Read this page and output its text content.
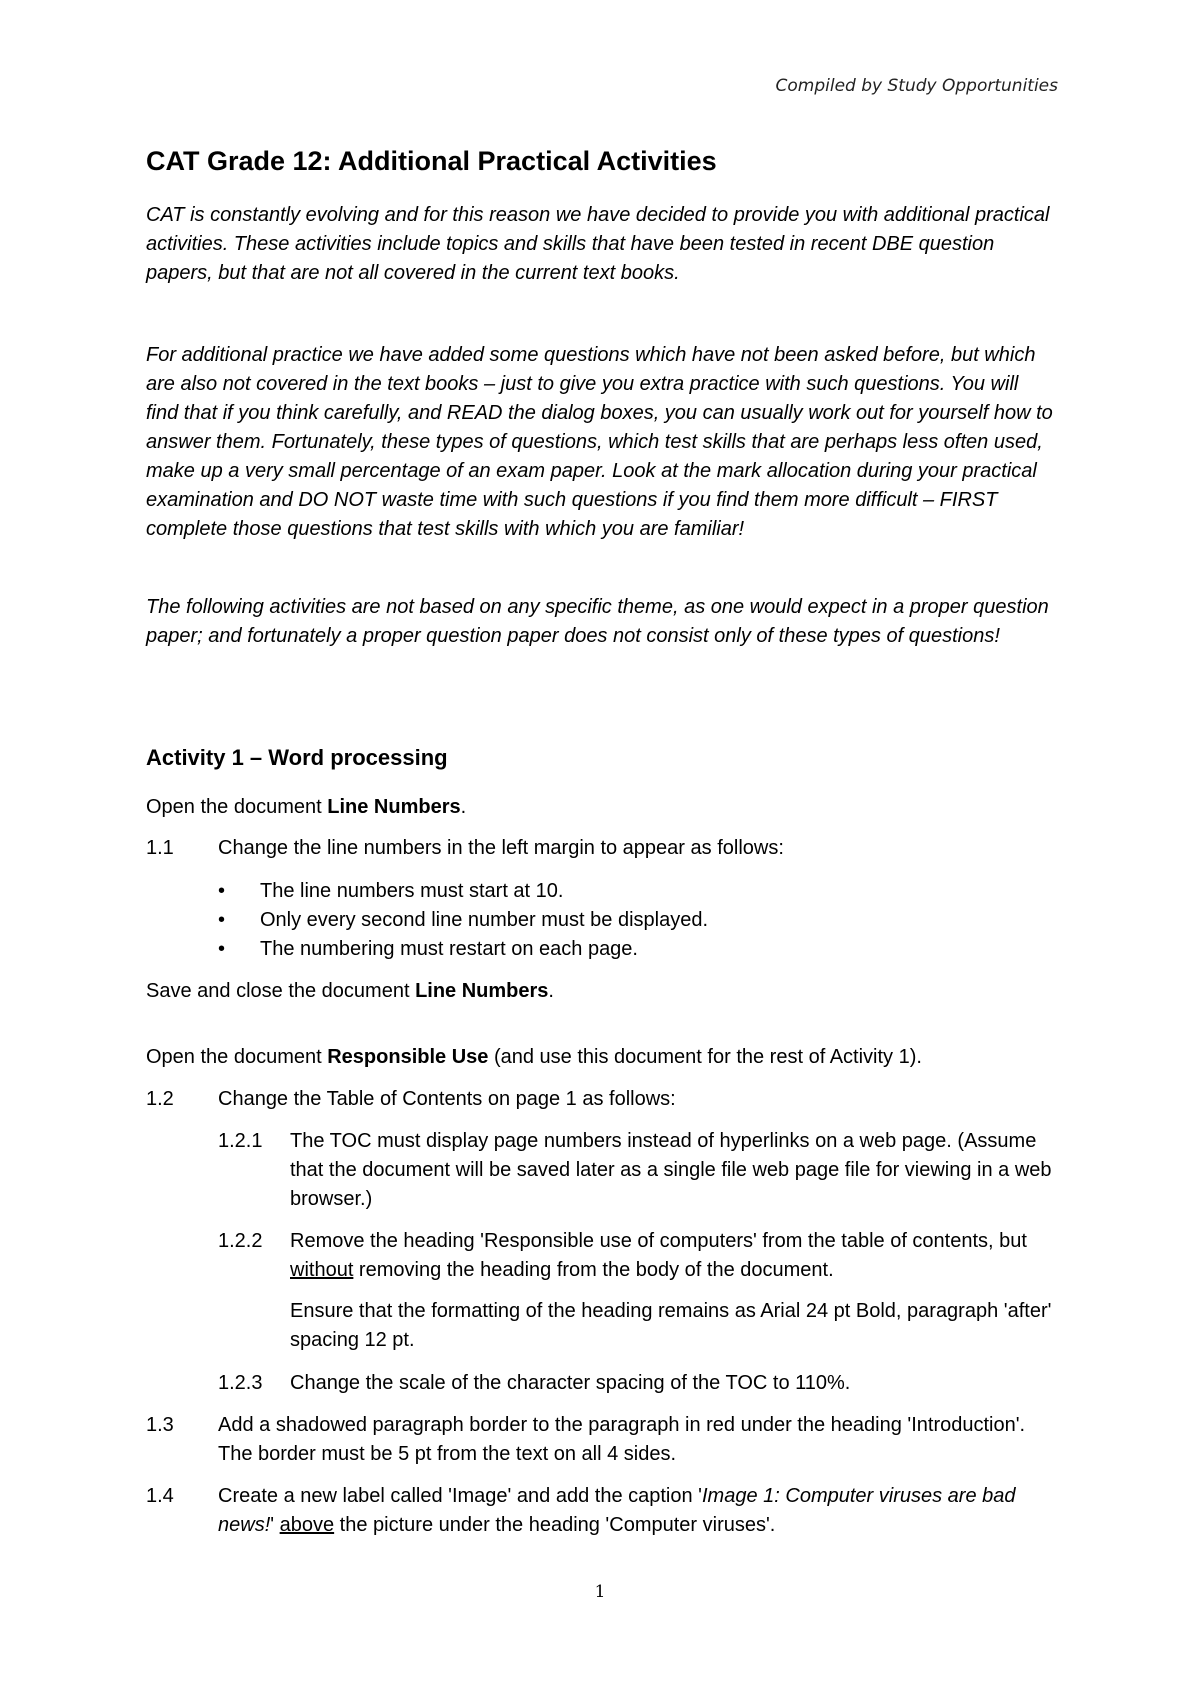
Compiled by Study Opportunities
CAT Grade 12: Additional Practical Activities

CAT is constantly evolving and for this reason we have decided to provide you with additional practical activities. These activities include topics and skills that have been tested in recent DBE question papers, but that are not all covered in the current text books.

For additional practice we have added some questions which have not been asked before, but which are also not covered in the text books – just to give you extra practice with such questions. You will find that if you think carefully, and READ the dialog boxes, you can usually work out for yourself how to answer them. Fortunately, these types of questions, which test skills that are perhaps less often used, make up a very small percentage of an exam paper. Look at the mark allocation during your practical examination and DO NOT waste time with such questions if you find them more difficult – FIRST complete those questions that test skills with which you are familiar!

The following activities are not based on any specific theme, as one would expect in a proper question paper; and fortunately a proper question paper does not consist only of these types of questions!

Activity 1 – Word processing
Open the document Line Numbers.
1.1 Change the line numbers in the left margin to appear as follows:
• The line numbers must start at 10.
• Only every second line number must be displayed.
• The numbering must restart on each page.
Save and close the document Line Numbers.
Open the document Responsible Use (and use this document for the rest of Activity 1).
1.2 Change the Table of Contents on page 1 as follows:
1.2.1 The TOC must display page numbers instead of hyperlinks on a web page. (Assume that the document will be saved later as a single file web page file for viewing in a web browser.)
1.2.2 Remove the heading 'Responsible use of computers' from the table of contents, but without removing the heading from the body of the document.
Ensure that the formatting of the heading remains as Arial 24 pt Bold, paragraph 'after' spacing 12 pt.
1.2.3 Change the scale of the character spacing of the TOC to 110%.
1.3 Add a shadowed paragraph border to the paragraph in red under the heading 'Introduction'. The border must be 5 pt from the text on all 4 sides.
1.4 Create a new label called 'Image' and add the caption 'Image 1: Computer viruses are bad news!' above the picture under the heading 'Computer viruses'.
1
